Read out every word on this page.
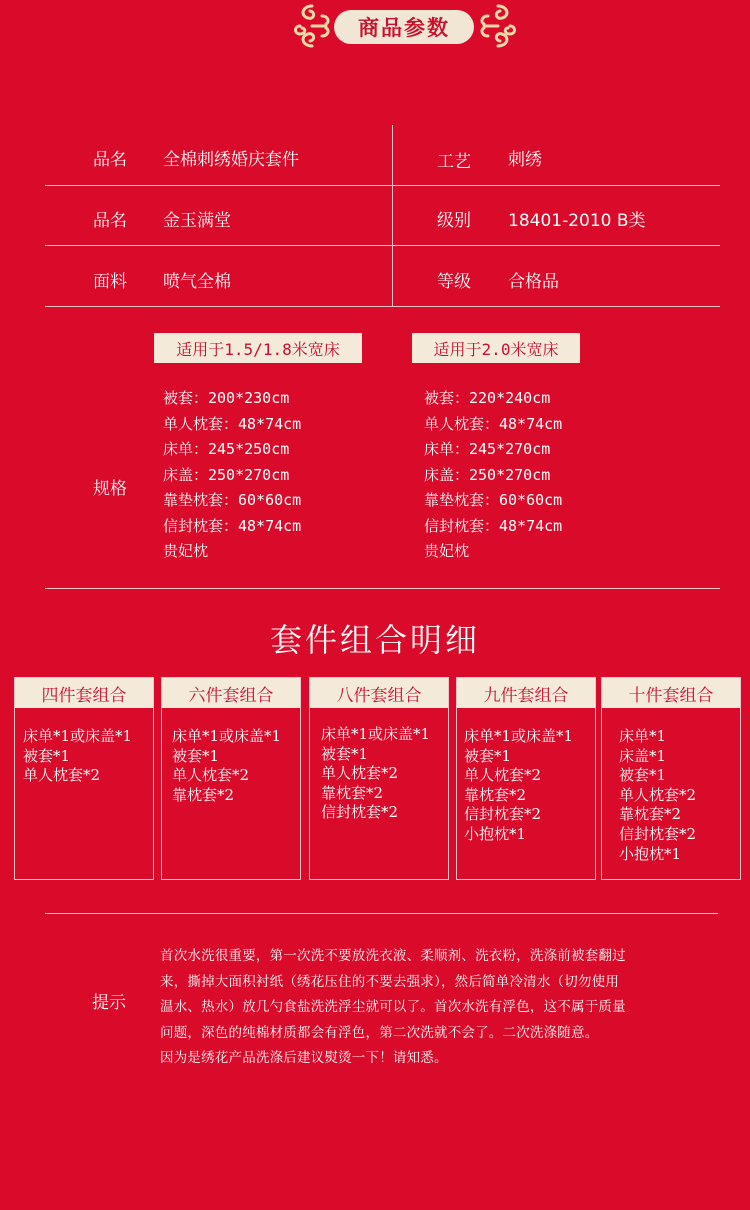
商品参数
品名 全棉刺绣婚庆套件	工艺 刺绣
品名 金玉满堂	级别 18401-2010 B类
面料 喷气全棉	等级 合格品
适用于1.5/1.8米宽床	适用于2.0米宽床
规格
被套：200*230cm
单人枕套：48*74cm
床单：245*250cm
床盖：250*270cm
靠垫枕套：60*60cm
信封枕套：48*74cm
贵妃枕
被套：220*240cm
单人枕套：48*74cm
床单：245*270cm
床盖：250*270cm
靠垫枕套：60*60cm
信封枕套：48*74cm
贵妃枕
套件组合明细
四件套组合
床单*1或床盖*1
被套*1
单人枕套*2
六件套组合
床单*1或床盖*1
被套*1
单人枕套*2
靠枕套*2
八件套组合
床单*1或床盖*1
被套*1
单人枕套*2
靠枕套*2
信封枕套*2
九件套组合
床单*1或床盖*1
被套*1
单人枕套*2
靠枕套*2
信封枕套*2
小抱枕*1
十件套组合
床单*1
床盖*1
被套*1
单人枕套*2
靠枕套*2
信封枕套*2
小抱枕*1
提示
首次水洗很重要，第一次洗不要放洗衣液、柔顺剂、洗衣粉，洗涤前被套翻过
来，撕掉大面积衬纸（绣花压住的不要去强求），然后简单冷清水（切勿使用
温水、热水）放几勺食盐洗洗浮尘就可以了。首次水洗有浮色，这不属于质量
问题，深色的纯棉材质都会有浮色，第二次洗就不会了。二次洗涤随意。
因为是绣花产品洗涤后建议熨烫一下！请知悉。
